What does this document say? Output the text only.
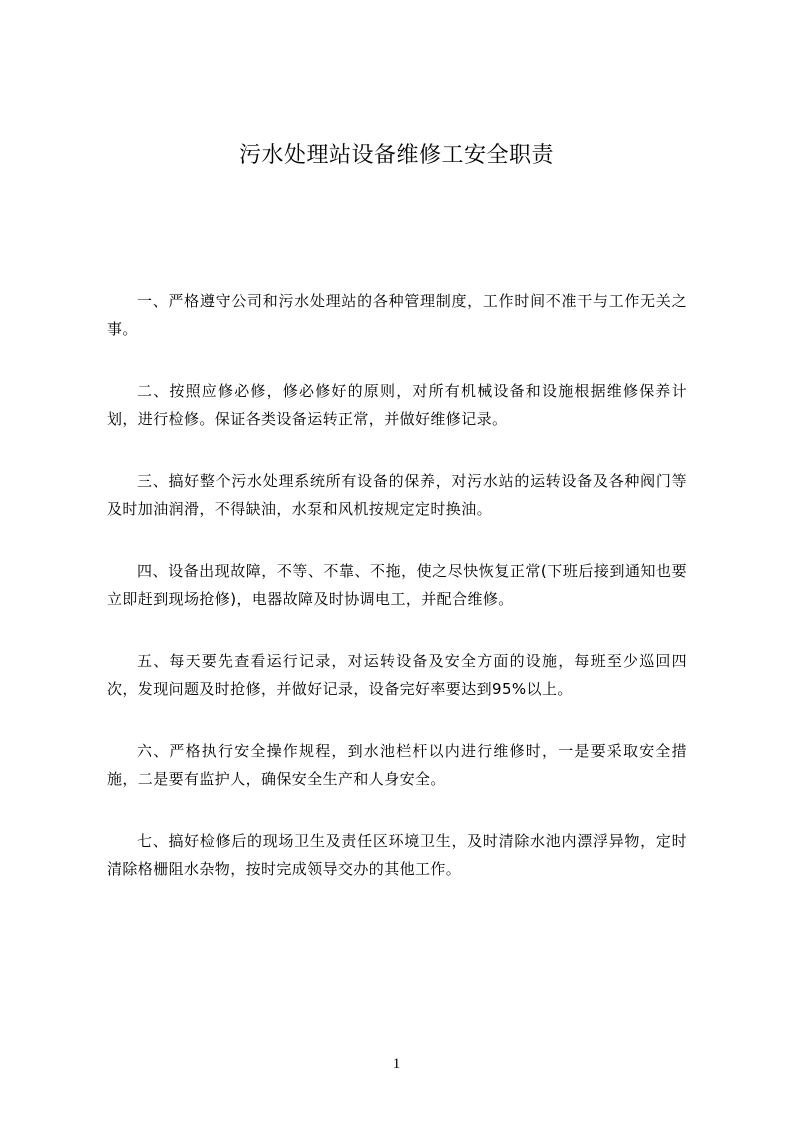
污水处理站设备维修工安全职责

一、严格遵守公司和污水处理站的各种管理制度，工作时间不准干与工作无关之事。

二、按照应修必修，修必修好的原则，对所有机械设备和设施根据维修保养计划，进行检修。保证各类设备运转正常，并做好维修记录。

三、搞好整个污水处理系统所有设备的保养，对污水站的运转设备及各种阀门等及时加油润滑，不得缺油，水泵和风机按规定定时换油。

四、设备出现故障，不等、不靠、不拖，使之尽快恢复正常(下班后接到通知也要立即赶到现场抢修)，电器故障及时协调电工，并配合维修。

五、每天要先查看运行记录，对运转设备及安全方面的设施，每班至少巡回四次，发现问题及时抢修，并做好记录，设备完好率要达到95%以上。

六、严格执行安全操作规程，到水池栏杆以内进行维修时，一是要采取安全措施，二是要有监护人，确保安全生产和人身安全。

七、搞好检修后的现场卫生及责任区环境卫生，及时清除水池内漂浮异物，定时清除格栅阻水杂物，按时完成领导交办的其他工作。

1
